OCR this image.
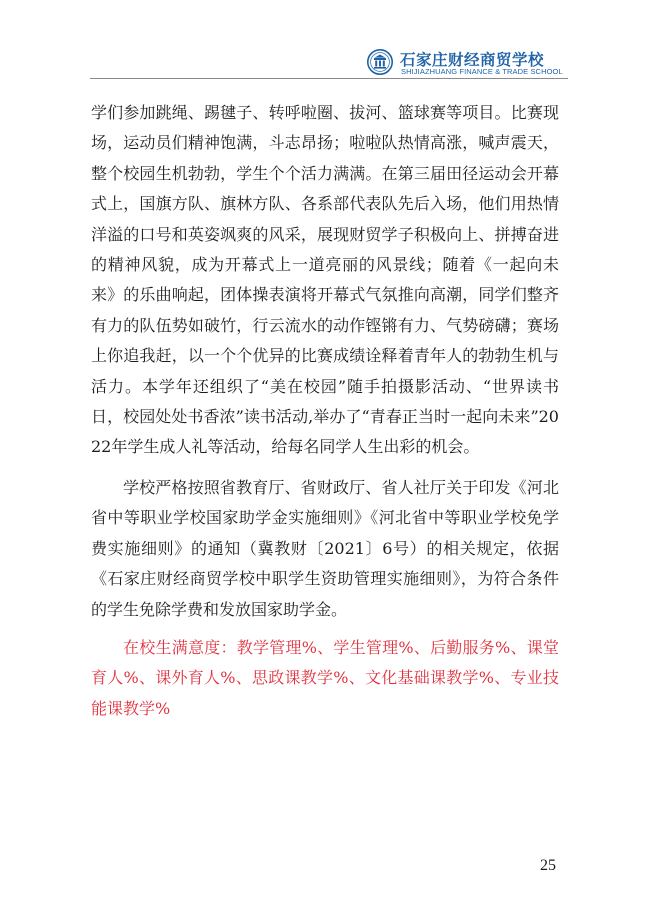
石家庄财经商贸学校
SHIJIAZHUANG FINANCE & TRADE SCHOOL

学们参加跳绳、踢毽子、转呼啦圈、拔河、篮球赛等项目。比赛现场，运动员们精神饱满，斗志昂扬；啦啦队热情高涨，喊声震天，整个校园生机勃勃，学生个个活力满满。在第三届田径运动会开幕式上，国旗方队、旗林方队、各系部代表队先后入场，他们用热情洋溢的口号和英姿飒爽的风采，展现财贸学子积极向上、拼搏奋进的精神风貌，成为开幕式上一道亮丽的风景线；随着《一起向未来》的乐曲响起，团体操表演将开幕式气氛推向高潮，同学们整齐有力的队伍势如破竹，行云流水的动作铿锵有力、气势磅礴；赛场上你追我赶，以一个个优异的比赛成绩诠释着青年人的勃勃生机与活力。本学年还组织了“美在校园”随手拍摄影活动、“世界读书日，校园处处书香浓”读书活动,举办了“青春正当时一起向未来”2022年学生成人礼等活动，给每名同学人生出彩的机会。

学校严格按照省教育厅、省财政厅、省人社厅关于印发《河北省中等职业学校国家助学金实施细则》《河北省中等职业学校免学费实施细则》的通知（冀教财〔2021〕6号）的相关规定，依据《石家庄财经商贸学校中职学生资助管理实施细则》，为符合条件的学生免除学费和发放国家助学金。

在校生满意度：教学管理%、学生管理%、后勤服务%、课堂育人%、课外育人%、思政课教学%、文化基础课教学%、专业技能课教学%

25
